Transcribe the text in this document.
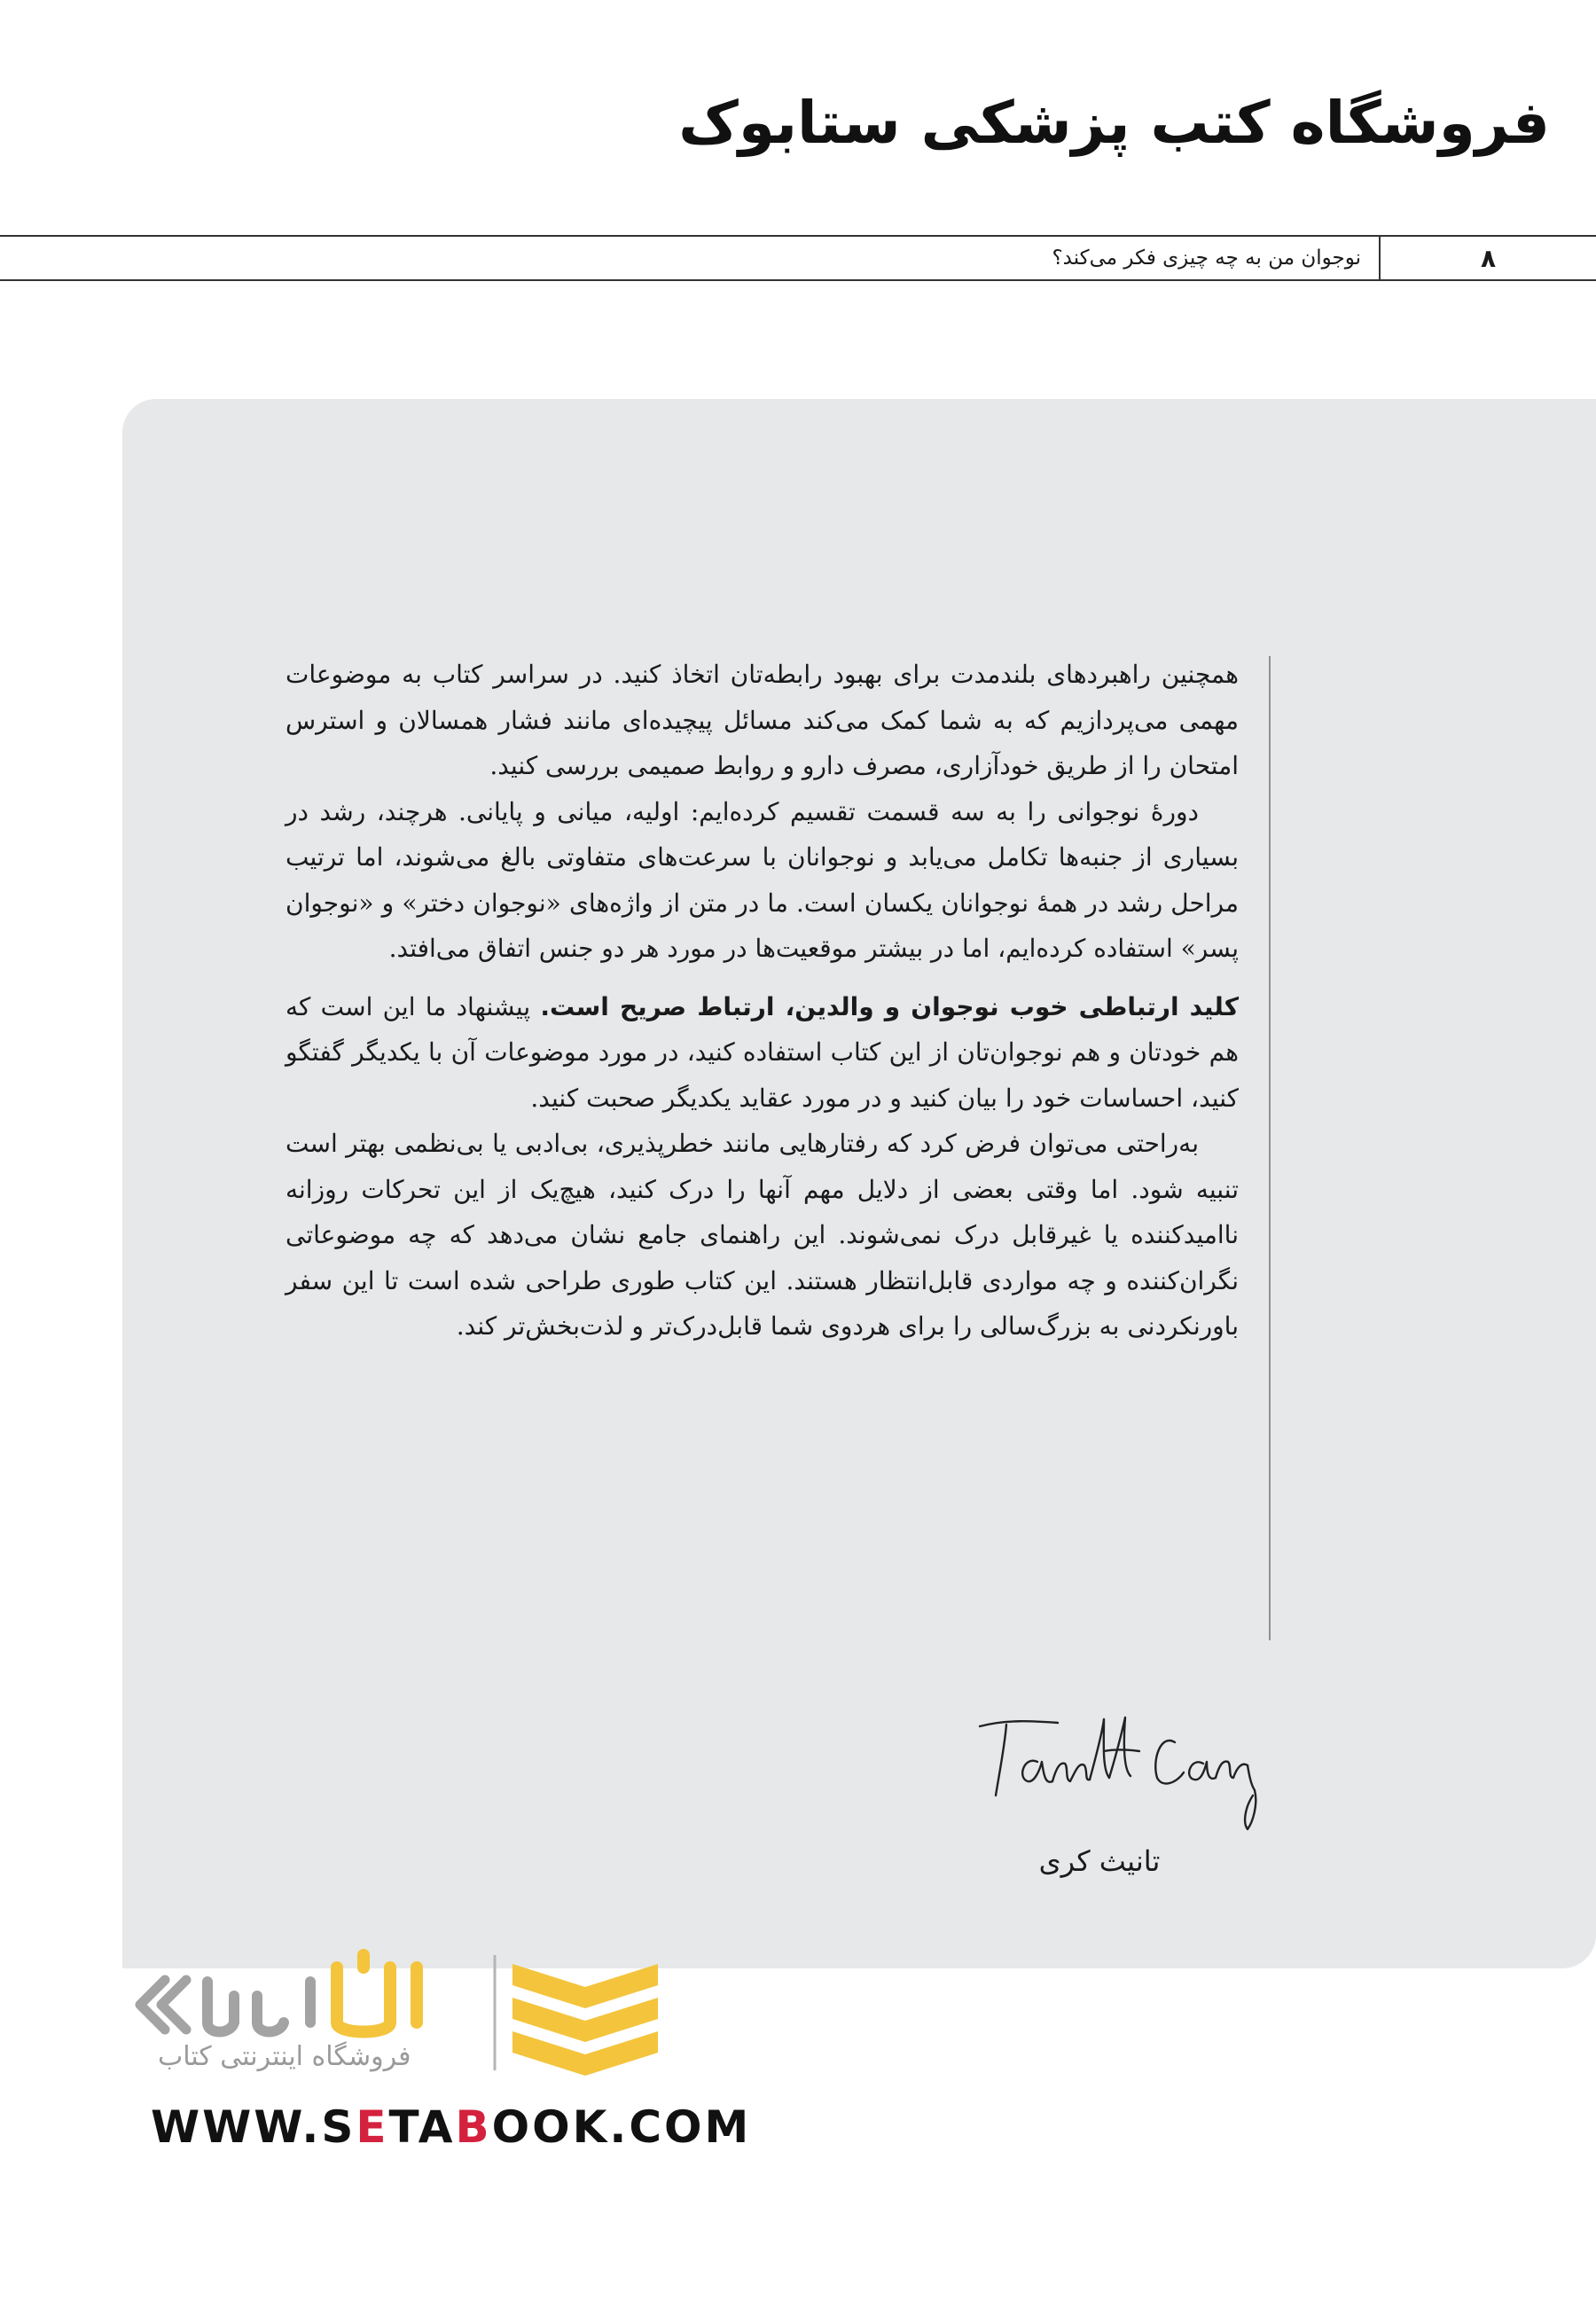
فروشگاه کتب پزشکی ستابوک
۸
نوجوان من به چه چیزی فکر می‌کند؟

همچنین راهبردهای بلندمدت برای بهبود رابطه‌تان اتخاذ کنید. در سراسر کتاب به موضوعات مهمی می‌پردازیم که به شما کمک می‌کند مسائل پیچیده‌ای مانند فشار همسالان و استرس امتحان را از طریق خودآزاری، مصرف دارو و روابط صمیمی بررسی کنید.

دورهٔ نوجوانی را به سه قسمت تقسیم کرده‌ایم: اولیه، میانی و پایانی. هرچند، رشد در بسیاری از جنبه‌ها تکامل می‌یابد و نوجوانان با سرعت‌های متفاوتی بالغ می‌شوند، اما ترتیب مراحل رشد در همهٔ نوجوانان یکسان است. ما در متن از واژه‌های «نوجوان دختر» و «نوجوان پسر» استفاده کرده‌ایم، اما در بیشتر موقعیت‌ها در مورد هر دو جنس اتفاق می‌افتد.

کلید ارتباطی خوب نوجوان و والدین، ارتباط صریح است. پیشنهاد ما این است که هم خودتان و هم نوجوان‌تان از این کتاب استفاده کنید، در مورد موضوعات آن با یکدیگر گفتگو کنید، احساسات خود را بیان کنید و در مورد عقاید یکدیگر صحبت کنید.

به‌راحتی می‌توان فرض کرد که رفتارهایی مانند خطرپذیری، بی‌ادبی یا بی‌نظمی بهتر است تنبیه شود. اما وقتی بعضی از دلایل مهم آنها را درک کنید، هیچ‌یک از این تحرکات روزانه ناامیدکننده یا غیرقابل درک نمی‌شوند. این راهنمای جامع نشان می‌دهد که چه موضوعاتی نگران‌کننده و چه مواردی قابل‌انتظار هستند. این کتاب طوری طراحی شده است تا این سفر باورنکردنی به بزرگ‌سالی را برای هردوی شما قابل‌درک‌تر و لذت‌بخش‌تر کند.

تانیث کری
فروشگاه اینترنتی کتاب
WWW.SETABOOK.COM
